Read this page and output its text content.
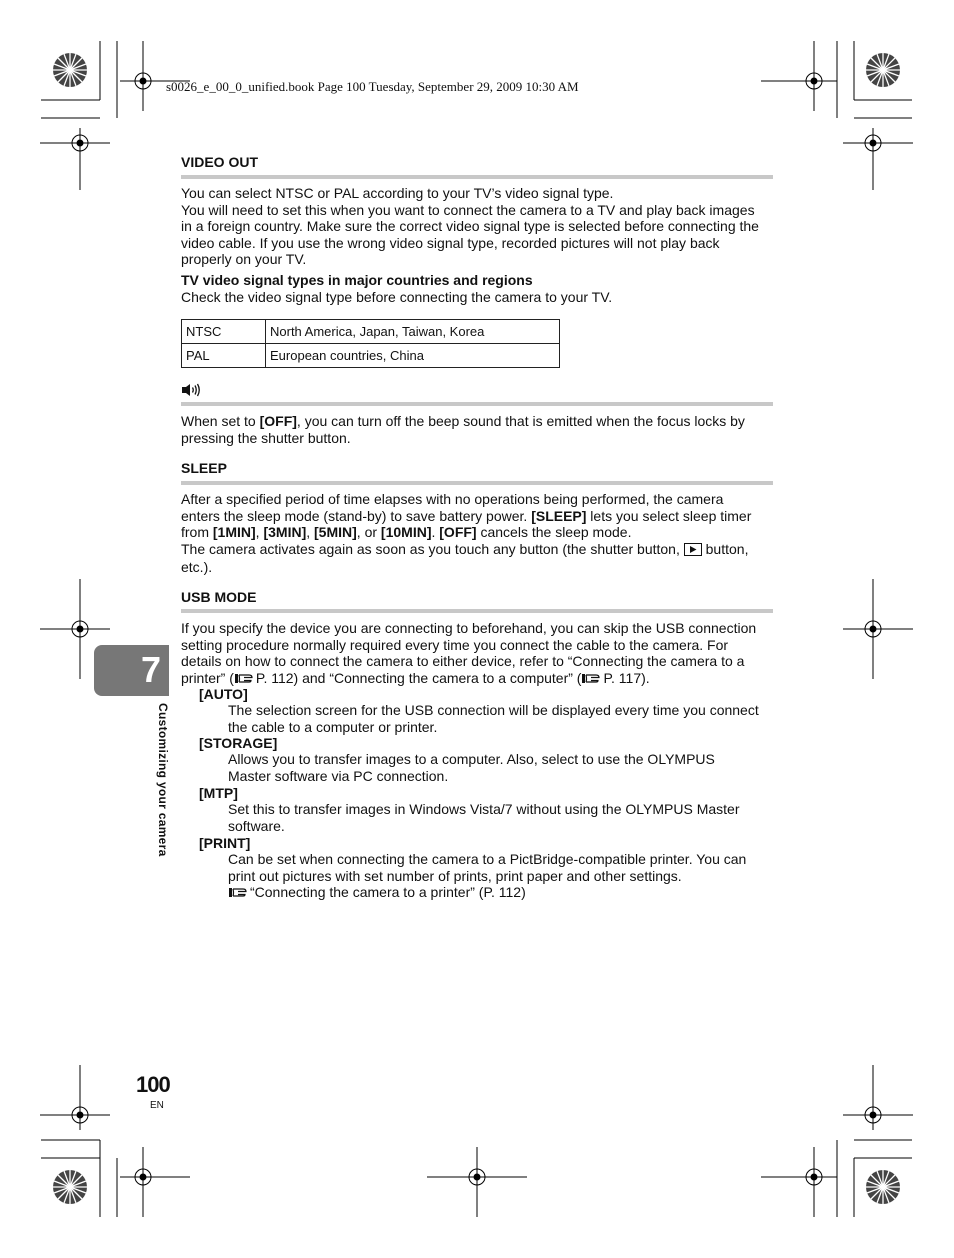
s0026_e_00_0_unified.book Page 100 Tuesday, September 29, 2009 10:30 AM
VIDEO OUT
You can select NTSC or PAL according to your TV’s video signal type.
You will need to set this when you want to connect the camera to a TV and play back images
in a foreign country. Make sure the correct video signal type is selected before connecting the
video cable. If you use the wrong video signal type, recorded pictures will not play back
properly on your TV.
TV video signal types in major countries and regions
Check the video signal type before connecting the camera to your TV.
NTSC	North America, Japan, Taiwan, Korea
PAL	European countries, China
When set to [OFF], you can turn off the beep sound that is emitted when the focus locks by
pressing the shutter button.
SLEEP
After a specified period of time elapses with no operations being performed, the camera
enters the sleep mode (stand-by) to save battery power. [SLEEP] lets you select sleep timer
from [1MIN], [3MIN], [5MIN], or [10MIN]. [OFF] cancels the sleep mode.
The camera activates again as soon as you touch any button (the shutter button,  button,
etc.).
USB MODE
If you specify the device you are connecting to beforehand, you can skip the USB connection
setting procedure normally required every time you connect the cable to the camera. For
details on how to connect the camera to either device, refer to “Connecting the camera to a
printer” ( P. 112) and “Connecting the camera to a computer” ( P. 117).
[AUTO]
The selection screen for the USB connection will be displayed every time you connect
the cable to a computer or printer.
[STORAGE]
Allows you to transfer images to a computer. Also, select to use the OLYMPUS
Master software via PC connection.
[MTP]
Set this to transfer images in Windows Vista/7 without using the OLYMPUS Master
software.
[PRINT]
Can be set when connecting the camera to a PictBridge-compatible printer. You can
print out pictures with set number of prints, print paper and other settings.
“Connecting the camera to a printer” (P. 112)
7
Customizing your camera
100
EN
